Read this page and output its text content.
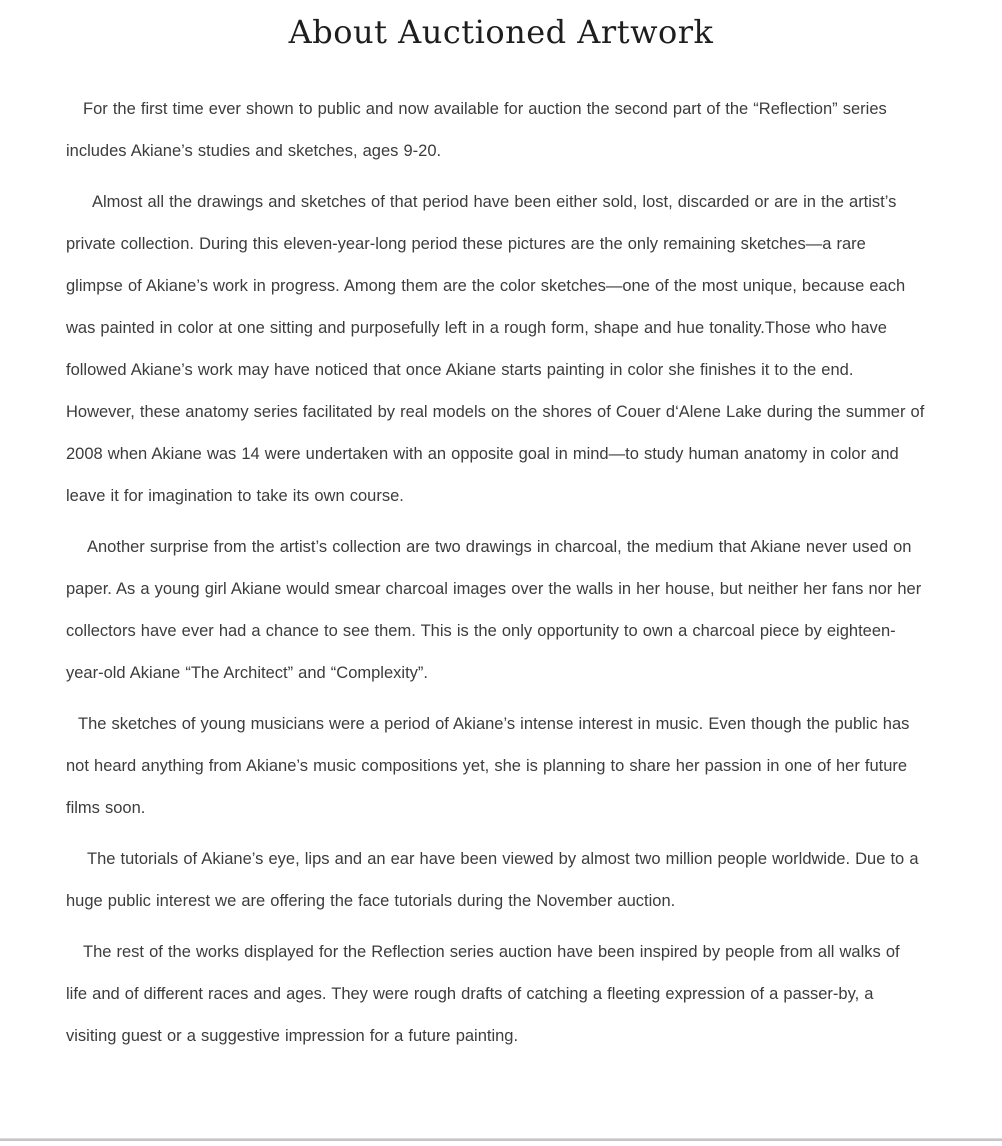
About Auctioned Artwork

For the first time ever shown to public and now available for auction the second part of the “Reflection” series includes Akiane’s studies and sketches, ages 9-20.

Almost all the drawings and sketches of that period have been either sold, lost, discarded or are in the artist’s private collection. During this eleven-year-long period these pictures are the only remaining sketches—a rare glimpse of Akiane’s work in progress. Among them are the color sketches—one of the most unique, because each was painted in color at one sitting and purposefully left in a rough form, shape and hue tonality.Those who have followed Akiane’s work may have noticed that once Akiane starts painting in color she finishes it to the end. However, these anatomy series facilitated by real models on the shores of Couer d‘Alene Lake during the summer of 2008 when Akiane was 14 were undertaken with an opposite goal in mind—to study human anatomy in color and leave it for imagination to take its own course.

Another surprise from the artist’s collection are two drawings in charcoal, the medium that Akiane never used on paper. As a young girl Akiane would smear charcoal images over the walls in her house, but neither her fans nor her collectors have ever had a chance to see them. This is the only opportunity to own a charcoal piece by eighteen-year-old Akiane “The Architect” and “Complexity”.

The sketches of young musicians were a period of Akiane’s intense interest in music. Even though the public has not heard anything from Akiane’s music compositions yet, she is planning to share her passion in one of her future films soon.

The tutorials of Akiane’s eye, lips and an ear have been viewed by almost two million people worldwide. Due to a huge public interest we are offering the face tutorials during the November auction.

The rest of the works displayed for the Reflection series auction have been inspired by people from all walks of life and of different races and ages. They were rough drafts of catching a fleeting expression of a passer-by, a visiting guest or a suggestive impression for a future painting.
